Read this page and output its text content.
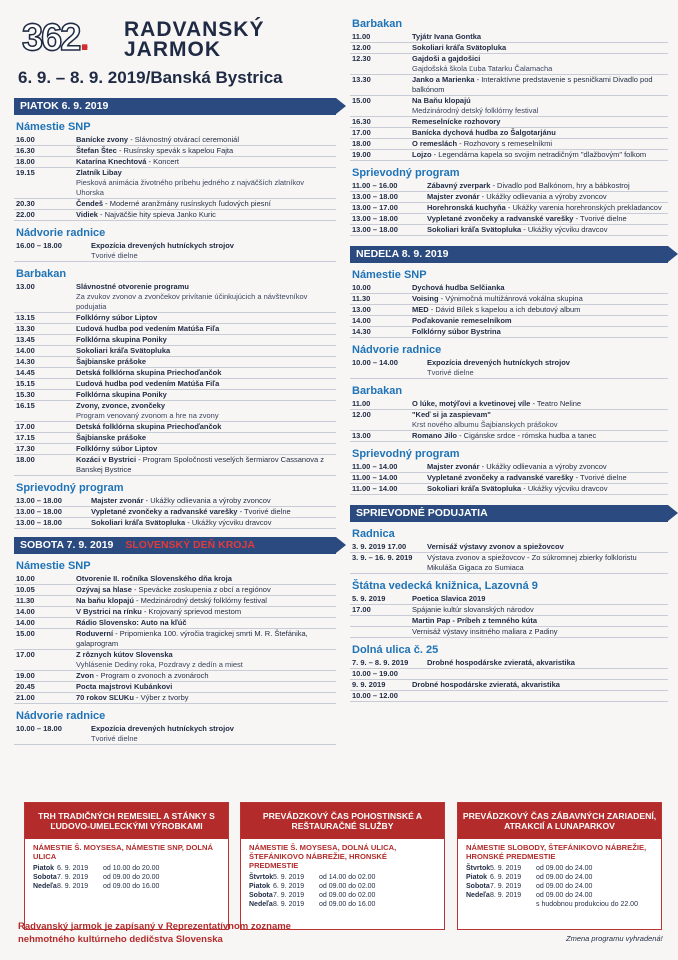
362.	RADVANSKÝ
JARMOK
6. 9. – 8. 9. 2019/Banská Bystrica
PIATOK 6. 9. 2019
Námestie SNP
16.00	Banícke zvony - Slávnostný otvárací ceremoniál
16.30	Štefan Štec - Rusínsky spevák s kapelou Fajta
18.00	Katarína Knechtová - Koncert
19.15	Zlatník Libay
Piesková animácia životného príbehu jedného z najväčších zlatníkov Uhorska
20.30	Čendeš - Moderné aranžmány rusínskych ľudových piesní
22.00	Vidiek - Najväčšie hity spieva Janko Kuric
Nádvorie radnice
16.00 – 18.00	Expozícia drevených hutníckych strojov
Tvorivé dielne
Barbakan
13.00	Slávnostné otvorenie programu
Za zvukov zvonov a zvončekov privítanie účinkujúcich a návštevníkov podujatia
13.15	Folklórny súbor Liptov
13.30	Ľudová hudba pod vedením Matúša Fiľa
13.45	Folklórna skupina Poniky
14.00	Sokoliari kráľa Svätopluka
14.30	Šajbianske prášoke
14.45	Detská folklórna skupina Priechoďančok
15.15	Ľudová hudba pod vedením Matúša Fiľa
15.30	Folklórna skupina Poniky
16.15	Zvony, zvonce, zvončeky
Program venovaný zvonom a hre na zvony
17.00	Detská folklórna skupina Priechoďančok
17.15	Šajbianske prášoke
17.30	Folklórny súbor Liptov
18.00	Kozáci v Bystrici - Program Spoločnosti veselých šermiarov Cassanova z Banskej Bystrice
Sprievodný program
13.00 – 18.00	Majster zvonár - Ukážky odlievania a výroby zvoncov
13.00 – 18.00	Vypletané zvončeky a radvanské varešky - Tvorivé dielne
13.00 – 18.00	Sokoliari kráľa Svätopluka - Ukážky výcviku dravcov
SOBOTA 7. 9. 2019 SLOVENSKÝ DEŇ KROJA
Námestie SNP
10.00	Otvorenie II. ročníka Slovenského dňa kroja
10.05	Ozývaj sa hlase - Spevácke zoskupenia z obcí a regiónov
11.30	Na baňu klopajú - Medzinárodný detský folklórny festival
14.00	V Bystrici na rínku - Krojovaný sprievod mestom
14.00	Rádio Slovensko: Auto na kľúč
15.00	Roduverní - Pripomienka 100. výročia tragickej smrti M. R. Štefánika, galaprogram
17.00	Z rôznych kútov Slovenska
Vyhlásenie Dediny roka, Pozdravy z dedín a miest
19.00	Zvon - Program o zvonoch a zvonároch
20.45	Pocta majstrovi Kubánkovi
21.00	70 rokov SĽUKu - Výber z tvorby
Nádvorie radnice
10.00 – 18.00	Expozícia drevených hutníckych strojov
Tvorivé dielne
Barbakan
11.00	Tyjátr Ivana Gontka
12.00	Sokoliari kráľa Svätopluka
12.30	Gajdoši a gajdošici
Gajdošská škola Ľuba Tatarku Čalamacha
13.30	Janko a Marienka - Interaktívne predstavenie s pesničkami Divadlo pod balkónom
15.00	Na Baňu klopajú
Medzinárodný detský folklórny festival
16.30	Remeselnícke rozhovory
17.00	Banícka dychová hudba zo Šalgotarjánu
18.00	O remeslách - Rozhovory s remeselníkmi
19.00	Lojzo - Legendárna kapela so svojim netradičným "dlažbovým" folkom
Sprievodný program
11.00 – 16.00	Zábavný zverpark - Divadlo pod Balkónom, hry a bábkostroj
13.00 – 18.00	Majster zvonár - Ukážky odlievania a výroby zvoncov
13.00 – 17.00	Horehronská kuchyňa - Ukážky varenia horehronských prekladancov
13.00 – 18.00	Vypletané zvončeky a radvanské varešky - Tvorivé dielne
13.00 – 18.00	Sokoliari kráľa Svätopluka - Ukážky výcviku dravcov
NEDEĽA 8. 9. 2019
Námestie SNP
10.00	Dychová hudba Selčianka
11.30	Voising - Výnimočná multižánrová vokálna skupina
13.00	MED - Dávid Bílek s kapelou a ich debutový album
14.00	Poďakovanie remeselníkom
14.30	Folklórny súbor Bystrina
Nádvorie radnice
10.00 – 14.00	Expozícia drevených hutníckych strojov
Tvorivé dielne
Barbakan
11.00	O lúke, motýľovi a kvetinovej víle - Teatro Neline
12.00	"Keď si ja zaspievam"
Krst nového albumu Šajbianskych prášokov
13.00	Romano Jilo - Cigánske srdce - rómska hudba a tanec
Sprievodný program
11.00 – 14.00	Majster zvonár - Ukážky odlievania a výroby zvoncov
11.00 – 14.00	Vypletané zvončeky a radvanské varešky - Tvorivé dielne
11.00 – 14.00	Sokoliari kráľa Svätopluka - Ukážky výcviku dravcov
SPRIEVODNÉ PODUJATIA
Radnica
3. 9. 2019 17.00	Vernisáž výstavy zvonov a spiežovcov
3. 9. – 16. 9. 2019	Výstava zvonov a spiežovcov - Zo súkromnej zbierky folkloristu Mikuláša Gigaca zo Sumiaca
Štátna vedecká knižnica, Lazovná 9
5. 9. 2019	Poetica Slavica 2019
17.00	Spájanie kultúr slovanských národov
Martin Pap - Príbeh z temného kúta
Vernisáž výstavy insitného maliara z Padiny
Dolná ulica č. 25
7. 9. – 8. 9. 2019	Drobné hospodárske zvieratá, akvaristika
10.00 – 19.00
9. 9. 2019	Drobné hospodárske zvieratá, akvaristika
10.00 – 12.00
TRH TRADIČNÝCH REMESIEL A STÁNKY S ĽUDOVO-UMELECKÝMI VÝROBKAMI
NÁMESTIE Š. MOYSESA, NÁMESTIE SNP, DOLNÁ ULICA
Piatok 6. 9. 2019	od 10.00 do 20.00
Sobota 7. 9. 2019	od 09.00 do 20.00
Nedeľa 8. 9. 2019	od 09.00 do 16.00
PREVÁDZKOVÝ ČAS POHOSTINSKÉ A REŠTAURAČNÉ SLUŽBY
NÁMESTIE Š. MOYSESA, DOLNÁ ULICA, ŠTEFÁNIKOVO NÁBREŽIE, HRONSKÉ PREDMESTIE
Štvrtok 5. 9. 2019	od 14.00 do 02.00
Piatok 6. 9. 2019	od 09.00 do 02.00
Sobota 7. 9. 2019	od 09.00 do 02.00
Nedeľa 8. 9. 2019	od 09.00 do 16.00
PREVÁDZKOVÝ ČAS ZÁBAVNÝCH ZARIADENÍ, ATRAKCIÍ A LUNAPARKOV
NÁMESTIE SLOBODY, ŠTEFÁNIKOVO NÁBREŽIE, HRONSKÉ PREDMESTIE
Štvrtok 5. 9. 2019	od 09.00 do 24.00
Piatok 6. 9. 2019	od 09.00 do 24.00
Sobota 7. 9. 2019	od 09.00 do 24.00
Nedeľa 8. 9. 2019	od 09.00 do 24.00
s hudobnou produkciou do 22.00
Radvanský jarmok je zapísaný v Reprezentatívnom zozname nehmotného kultúrneho dedičstva Slovenska	Zmena programu vyhradená!
